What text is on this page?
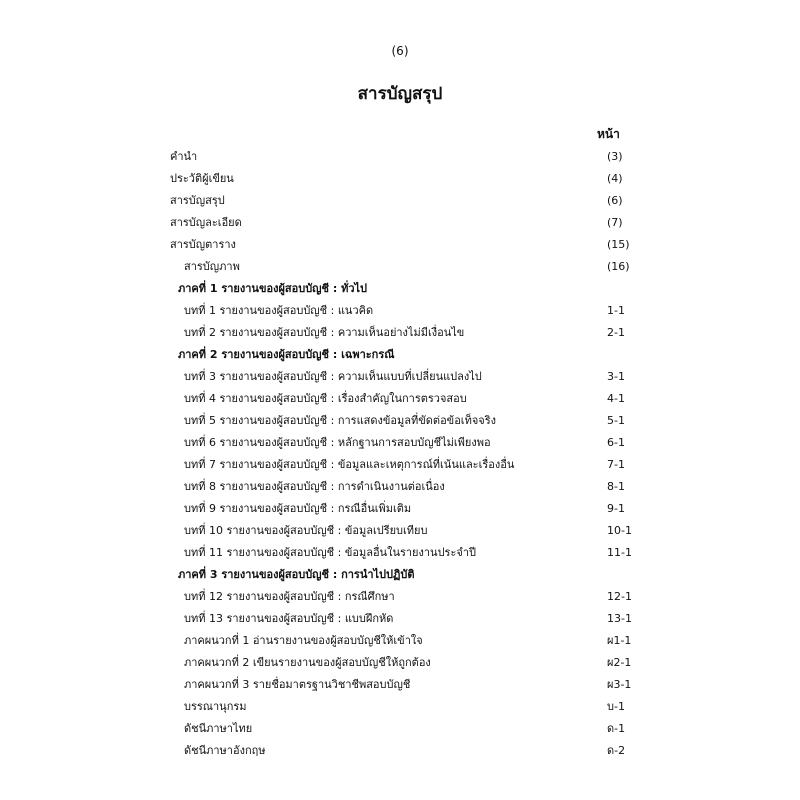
(6)
สารบัญสรุป
หน้า
คำนำ	(3)
ประวัติผู้เขียน	(4)
สารบัญสรุป	(6)
สารบัญละเอียด	(7)
สารบัญตาราง	(15)
สารบัญภาพ	(16)
ภาคที่ 1 รายงานของผู้สอบบัญชี : ทั่วไป
บทที่ 1 รายงานของผู้สอบบัญชี : แนวคิด	1-1
บทที่ 2 รายงานของผู้สอบบัญชี : ความเห็นอย่างไม่มีเงื่อนไข	2-1
ภาคที่ 2 รายงานของผู้สอบบัญชี : เฉพาะกรณี
บทที่ 3 รายงานของผู้สอบบัญชี : ความเห็นแบบที่เปลี่ยนแปลงไป	3-1
บทที่ 4 รายงานของผู้สอบบัญชี : เรื่องสำคัญในการตรวจสอบ	4-1
บทที่ 5 รายงานของผู้สอบบัญชี : การแสดงข้อมูลที่ขัดต่อข้อเท็จจริง	5-1
บทที่ 6 รายงานของผู้สอบบัญชี : หลักฐานการสอบบัญชีไม่เพียงพอ	6-1
บทที่ 7 รายงานของผู้สอบบัญชี : ข้อมูลและเหตุการณ์ที่เน้นและเรื่องอื่น	7-1
บทที่ 8 รายงานของผู้สอบบัญชี : การดำเนินงานต่อเนื่อง	8-1
บทที่ 9 รายงานของผู้สอบบัญชี : กรณีอื่นเพิ่มเติม	9-1
บทที่ 10 รายงานของผู้สอบบัญชี : ข้อมูลเปรียบเทียบ	10-1
บทที่ 11 รายงานของผู้สอบบัญชี : ข้อมูลอื่นในรายงานประจำปี	11-1
ภาคที่ 3 รายงานของผู้สอบบัญชี : การนำไปปฏิบัติ
บทที่ 12 รายงานของผู้สอบบัญชี : กรณีศึกษา	12-1
บทที่ 13 รายงานของผู้สอบบัญชี : แบบฝึกหัด	13-1
ภาคผนวกที่ 1 อ่านรายงานของผู้สอบบัญชีให้เข้าใจ	ผ1-1
ภาคผนวกที่ 2 เขียนรายงานของผู้สอบบัญชีให้ถูกต้อง	ผ2-1
ภาคผนวกที่ 3 รายชื่อมาตรฐานวิชาชีพสอบบัญชี	ผ3-1
บรรณานุกรม	บ-1
ดัชนีภาษาไทย	ด-1
ดัชนีภาษาอังกฤษ	ด-2
